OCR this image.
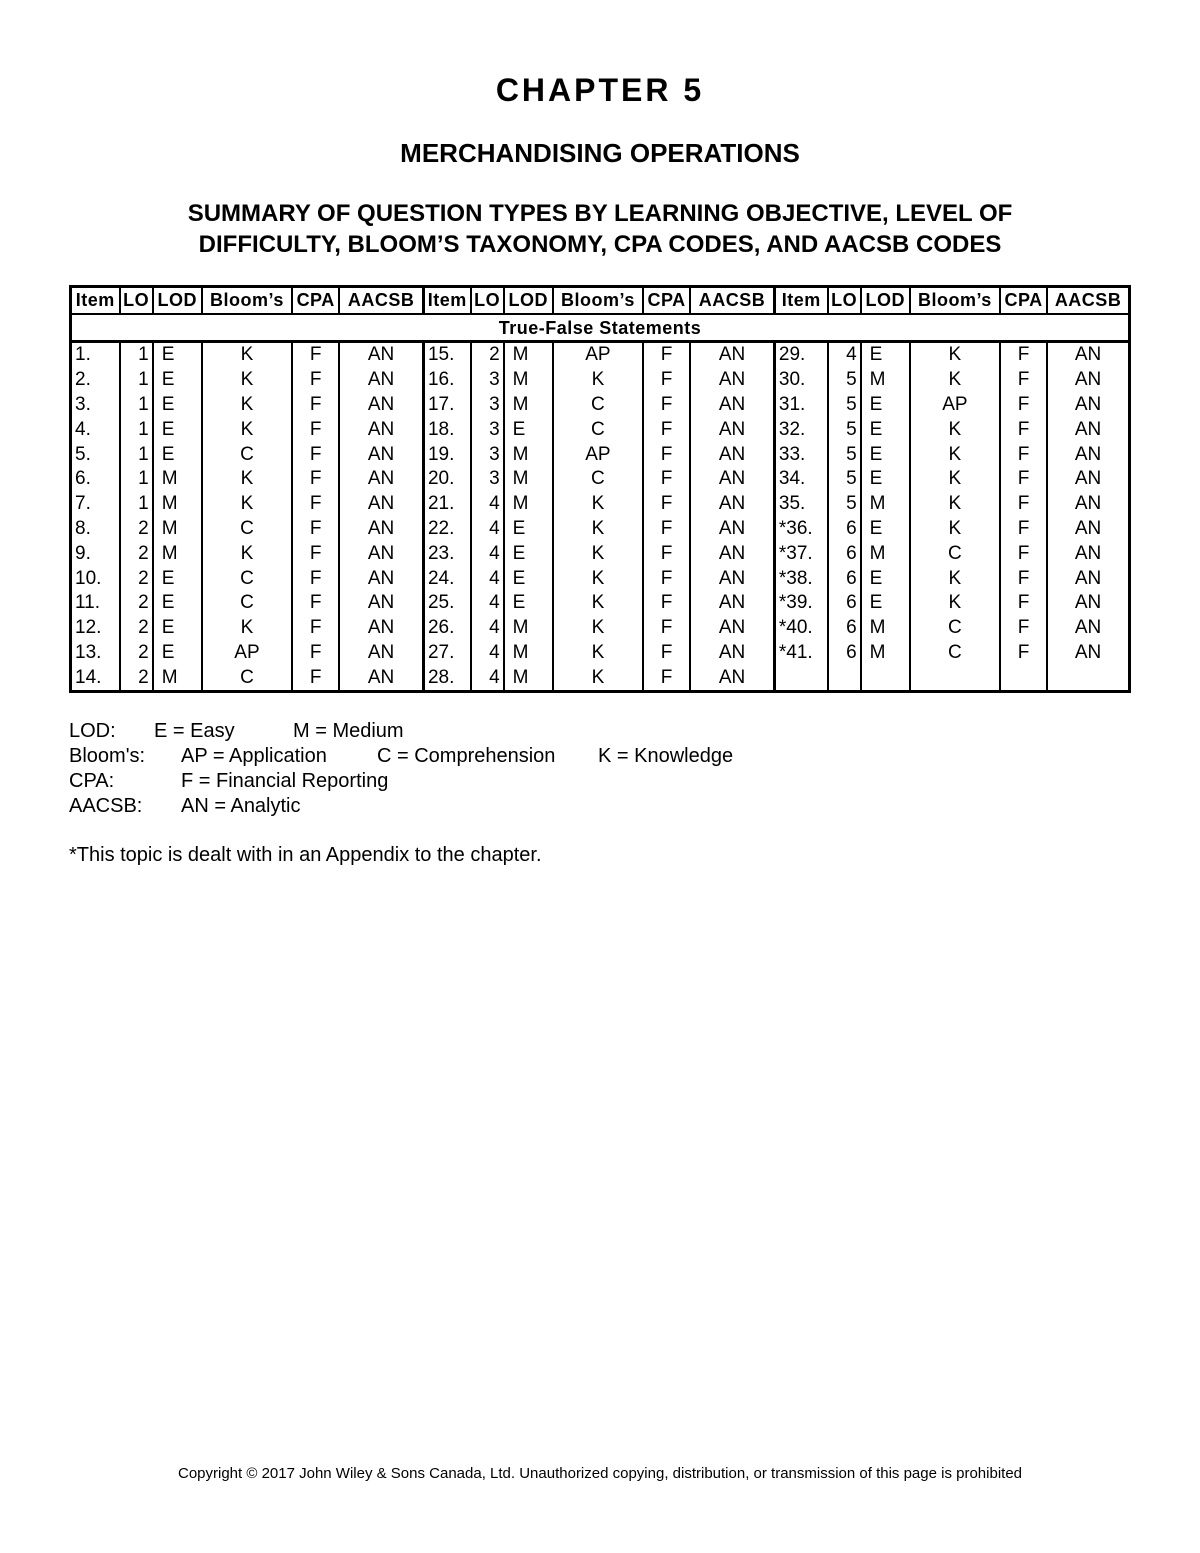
CHAPTER 5
MERCHANDISING OPERATIONS
SUMMARY OF QUESTION TYPES BY LEARNING OBJECTIVE, LEVEL OF
DIFFICULTY, BLOOM’S TAXONOMY, CPA CODES, AND AACSB CODES
Item	LO	LOD	Bloom’s	CPA	AACSB	Item	LO	LOD	Bloom’s	CPA	AACSB	Item	LO	LOD	Bloom’s	CPA	AACSB
True-False Statements																	
1.	1	E	K	F	AN	15.	2	M	AP	F	AN	29.	4	E	K	F	AN
2.	1	E	K	F	AN	16.	3	M	K	F	AN	30.	5	M	K	F	AN
3.	1	E	K	F	AN	17.	3	M	C	F	AN	31.	5	E	AP	F	AN
4.	1	E	K	F	AN	18.	3	E	C	F	AN	32.	5	E	K	F	AN
5.	1	E	C	F	AN	19.	3	M	AP	F	AN	33.	5	E	K	F	AN
6.	1	M	K	F	AN	20.	3	M	C	F	AN	34.	5	E	K	F	AN
7.	1	M	K	F	AN	21.	4	M	K	F	AN	35.	5	M	K	F	AN
8.	2	M	C	F	AN	22.	4	E	K	F	AN	*36.	6	E	K	F	AN
9.	2	M	K	F	AN	23.	4	E	K	F	AN	*37.	6	M	C	F	AN
10.	2	E	C	F	AN	24.	4	E	K	F	AN	*38.	6	E	K	F	AN
11.	2	E	C	F	AN	25.	4	E	K	F	AN	*39.	6	E	K	F	AN
12.	2	E	K	F	AN	26.	4	M	K	F	AN	*40.	6	M	C	F	AN
13.	2	E	AP	F	AN	27.	4	M	K	F	AN	*41.	6	M	C	F	AN
14.	2	M	C	F	AN	28.	4	M	K	F	AN						
LOD: E = Easy	M = Medium
Bloom's: AP = Application	C = Comprehension K = Knowledge
CPA:	F = Financial Reporting
AACSB: AN = Analytic
*This topic is dealt with in an Appendix to the chapter.
Copyright © 2017 John Wiley & Sons Canada, Ltd. Unauthorized copying, distribution, or transmission of this page is prohibited
